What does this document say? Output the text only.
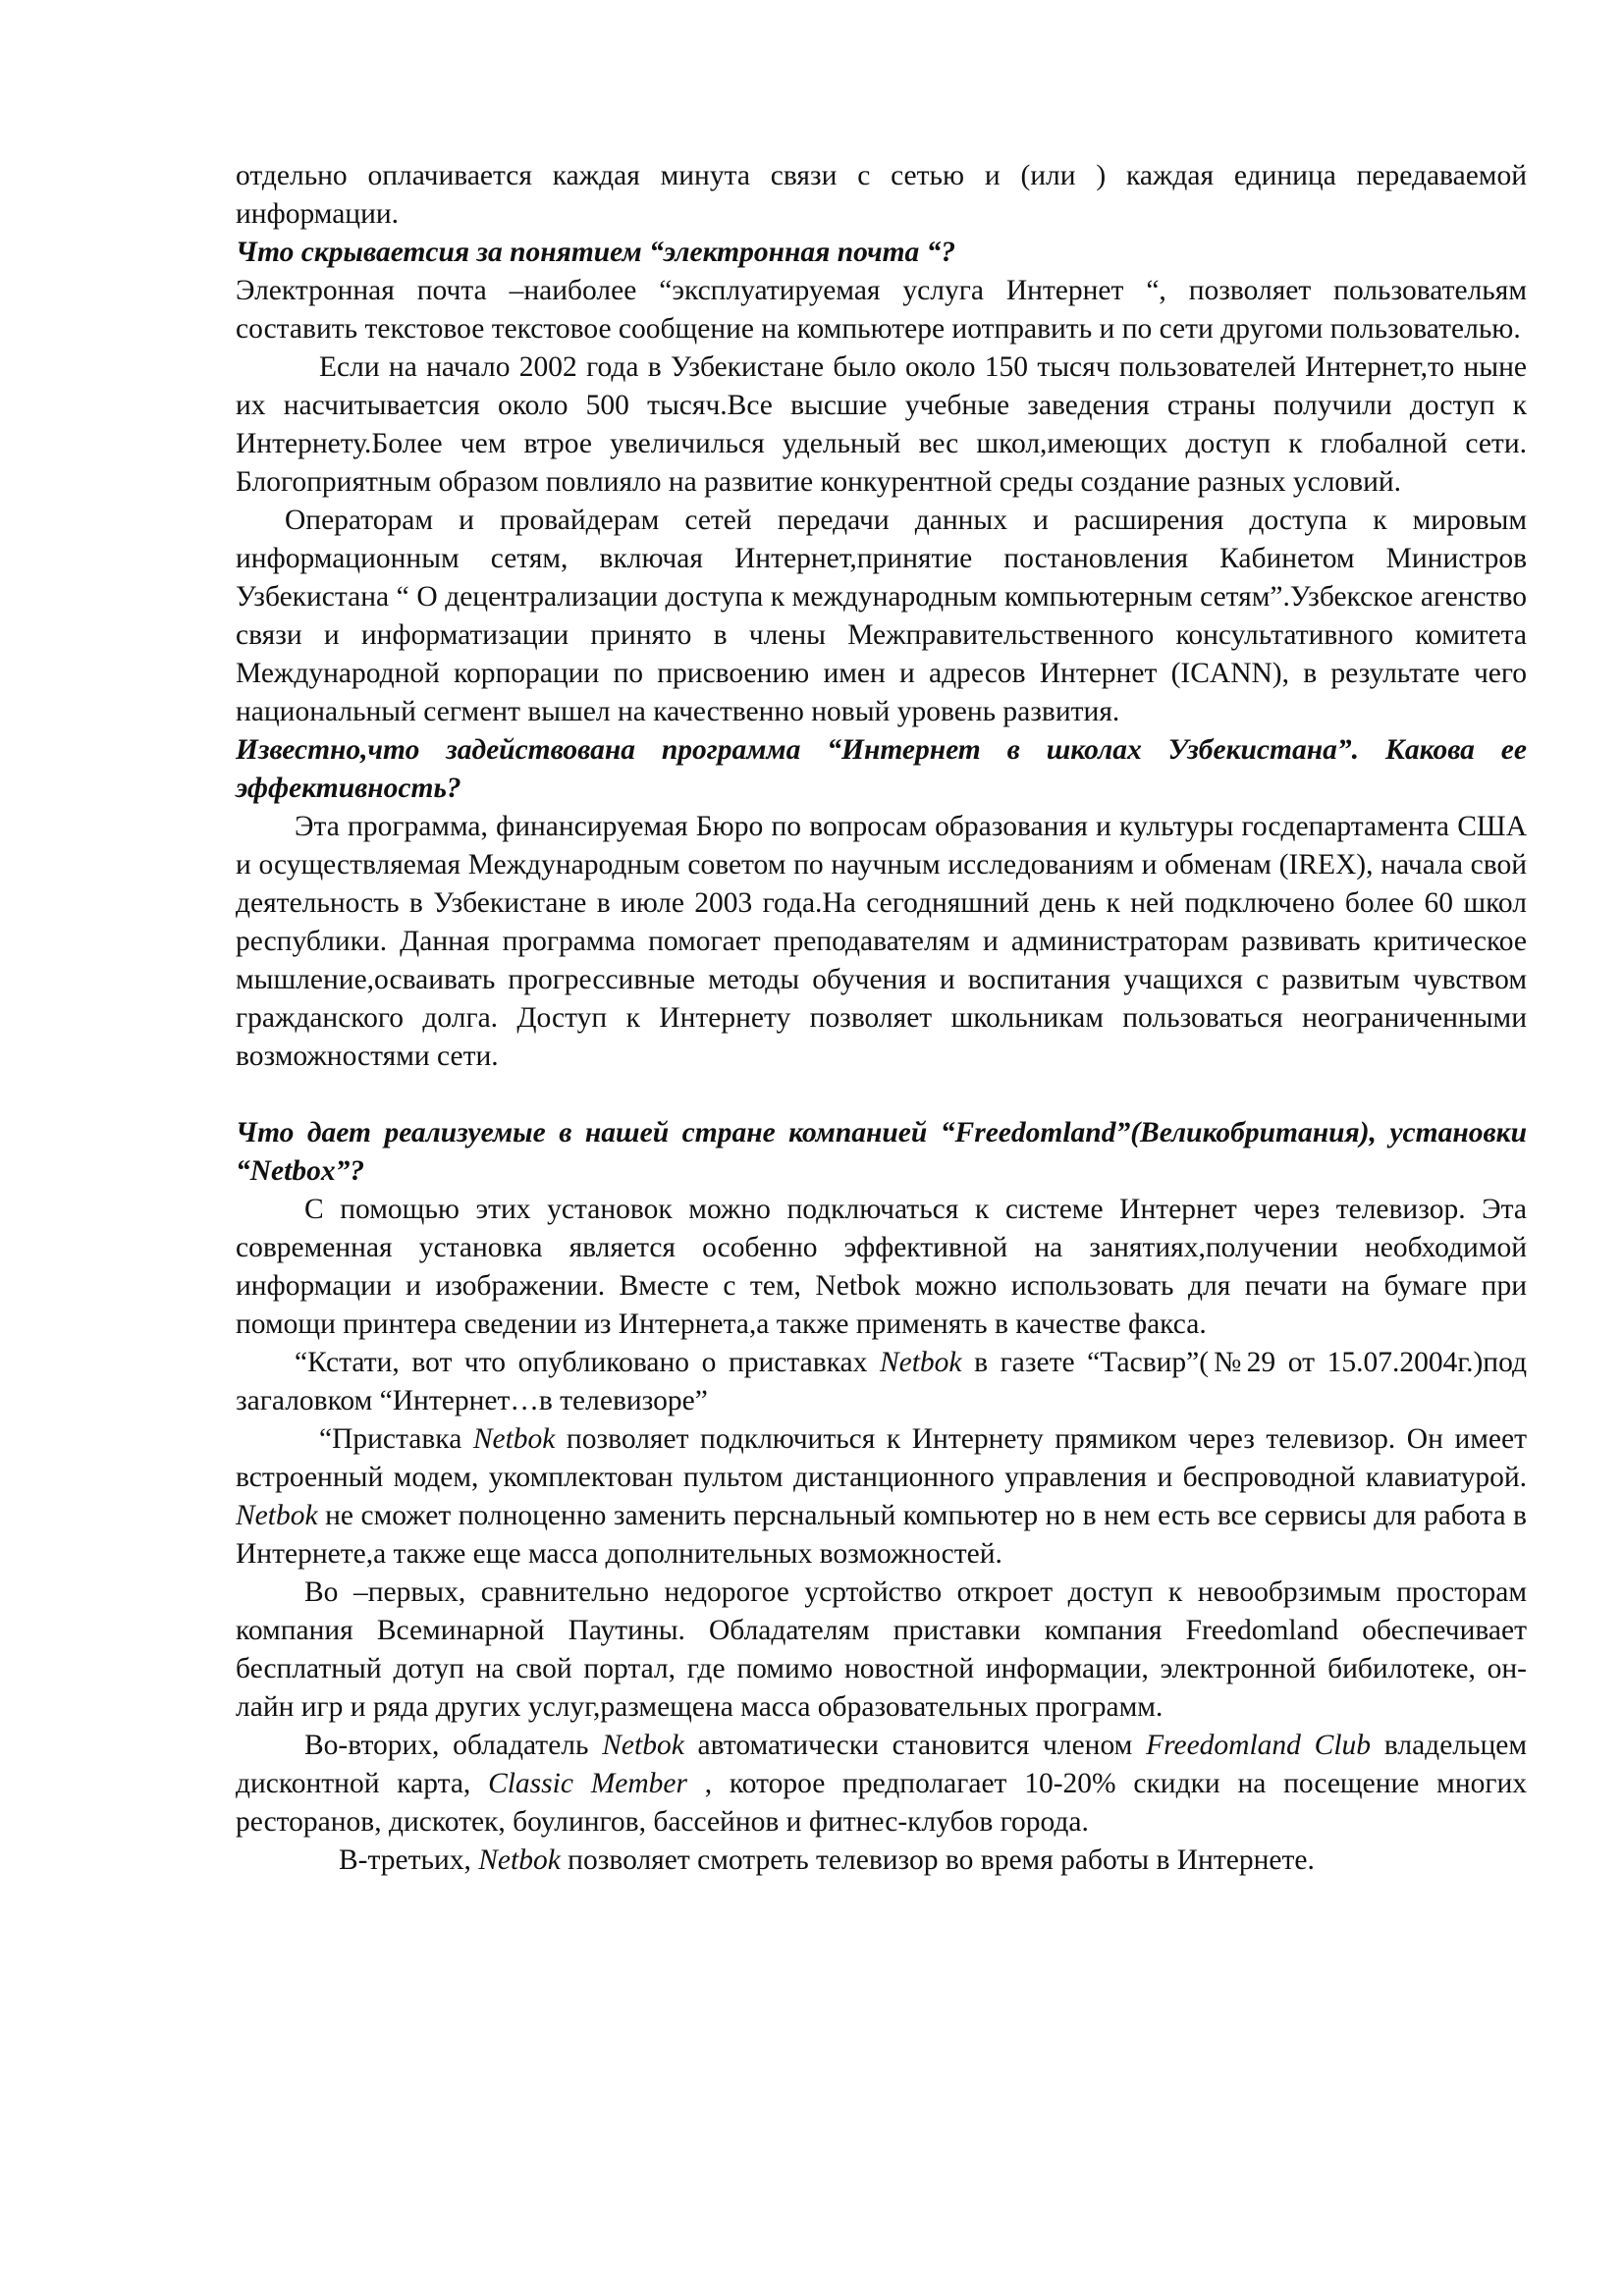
отдельно оплачивается каждая минута связи с сетью и (или ) каждая единица передаваемой информации.

Что скрываетсия за понятием “электронная почта “?

Электронная почта –наиболее “эксплуатируемая услуга Интернет “, позволяет пользовательям составить текстовое текстовое сообщение на компьютере иотправить и по сети другоми пользователью.

Если на начало 2002 года в Узбекистане было около 150 тысяч пользователей Интернет,то ныне их насчитываетсия около 500 тысяч.Все высшие учебные заведения страны получили доступ к Интернету.Более чем втрое увеличилься удельный вес школ,имеющих доступ к глобалной сети. Блогоприятным образом повлияло на развитие конкурентной среды создание разных условий.

Операторам и провайдерам сетей передачи данных и расширения доступа к мировым информационным сетям, включая Интернет,принятие постановления Кабинетом Министров Узбекистана “ О децентрализации доступа к международным компьютерным сетям”.Узбекское агенство связи и информатизации принято в члены Межправительственного консультативного комитета Международной корпорации по присвоению имен и адресов Интернет (ICANN), в результате чего национальный сегмент вышел на качественно новый уровень развития.

Известно,что задействована программа “Интернет в школах Узбекистана”. Какова ее эффективность?

Эта программа, финансируемая Бюро по вопросам образования и культуры госдепартамента США и осуществляемая Международным советом по научным исследованиям и обменам (IREX), начала свой деятельность в Узбекистане в июле 2003 года.На сегодняшний день к ней подключено более 60 школ республики. Данная программа помогает преподавателям и администраторам развивать критическое мышление,осваивать прогрессивные методы обучения и воспитания учащихся с развитым чувством гражданского долга. Доступ к Интернету позволяет школьникам пользоваться неограниченными возможностями сети.

Что дает реализуемые в нашей стране компанией “Freedomland”(Великобритания), установки “Netbox”?

С помощью этих установок можно подключаться к системе Интернет через телевизор. Эта современная установка является особенно эффективной на занятиях,получении необходимой информации и изображении. Вместе с тем, Netbok можно использовать для печати на бумаге при помощи принтера сведении из Интернета,а также применять в качестве факса.

“Кстати, вот что опубликовано о приставках Netbok в газете “Тасвир”(№29 от 15.07.2004г.)под загаловком “Интернет…в телевизоре”

“Приставка Netbok позволяет подключиться к Интернету прямиком через телевизор. Он имеет встроенный модем, укомплектован пультом дистанционного управления и беспроводной клавиатурой. Netbok не сможет полноценно заменить перснальный компьютер но в нем есть все сервисы для работа в Интернете,а также еще масса дополнительных возможностей.

Во –первых, сравнительно недорогое усртойство откроет доступ к невообрзимым просторам компания Всеминарной Паутины. Обладателям приставки компания Freedomland обеспечивает бесплатный дотуп на свой портал, где помимо новостной информации, электронной бибилотеке, он-лайн игр и ряда других услуг,размещена масса образовательных программ.

Во-вторих, обладатель Netbok автоматически становится членом Freedomland Club владельцем дисконтной карта, Classic Member , которое предполагает 10-20% скидки на посещение многих ресторанов, дискотек, боулингов, бассейнов и фитнес-клубов города.

В-третьих, Netbok позволяет смотреть телевизор во время работы в Интернете.
